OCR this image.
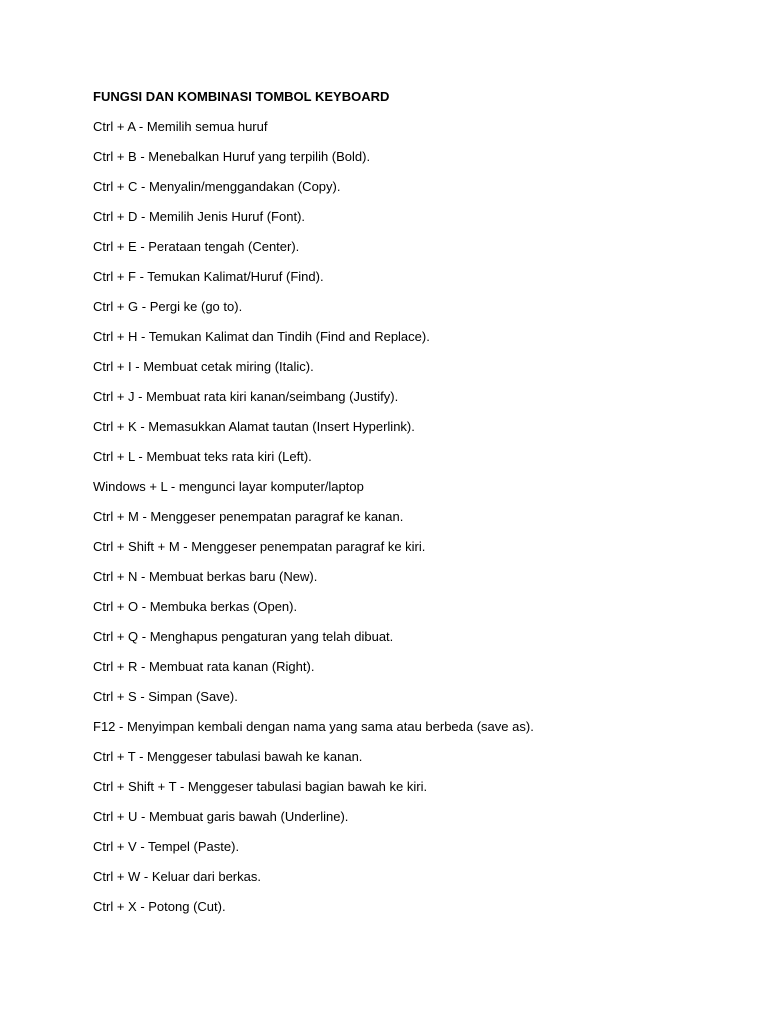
FUNGSI DAN KOMBINASI TOMBOL KEYBOARD
Ctrl + A - Memilih semua huruf
Ctrl + B - Menebalkan Huruf yang terpilih (Bold).
Ctrl + C - Menyalin/menggandakan (Copy).
Ctrl + D - Memilih Jenis Huruf (Font).
Ctrl + E - Perataan tengah (Center).
Ctrl + F - Temukan Kalimat/Huruf (Find).
Ctrl + G - Pergi ke (go to).
Ctrl + H - Temukan Kalimat dan Tindih (Find and Replace).
Ctrl + I - Membuat cetak miring (Italic).
Ctrl + J - Membuat rata kiri kanan/seimbang (Justify).
Ctrl + K - Memasukkan Alamat tautan (Insert Hyperlink).
Ctrl + L - Membuat teks rata kiri (Left).
Windows + L - mengunci layar komputer/laptop
Ctrl + M - Menggeser penempatan paragraf ke kanan.
Ctrl + Shift + M - Menggeser penempatan paragraf ke kiri.
Ctrl + N - Membuat berkas baru (New).
Ctrl + O - Membuka berkas (Open).
Ctrl + Q - Menghapus pengaturan yang telah dibuat.
Ctrl + R - Membuat rata kanan (Right).
Ctrl + S - Simpan (Save).
F12 - Menyimpan kembali dengan nama yang sama atau berbeda (save as).
Ctrl + T - Menggeser tabulasi bawah ke kanan.
Ctrl + Shift + T - Menggeser tabulasi bagian bawah ke kiri.
Ctrl + U - Membuat garis bawah (Underline).
Ctrl + V - Tempel (Paste).
Ctrl + W - Keluar dari berkas.
Ctrl + X - Potong (Cut).
